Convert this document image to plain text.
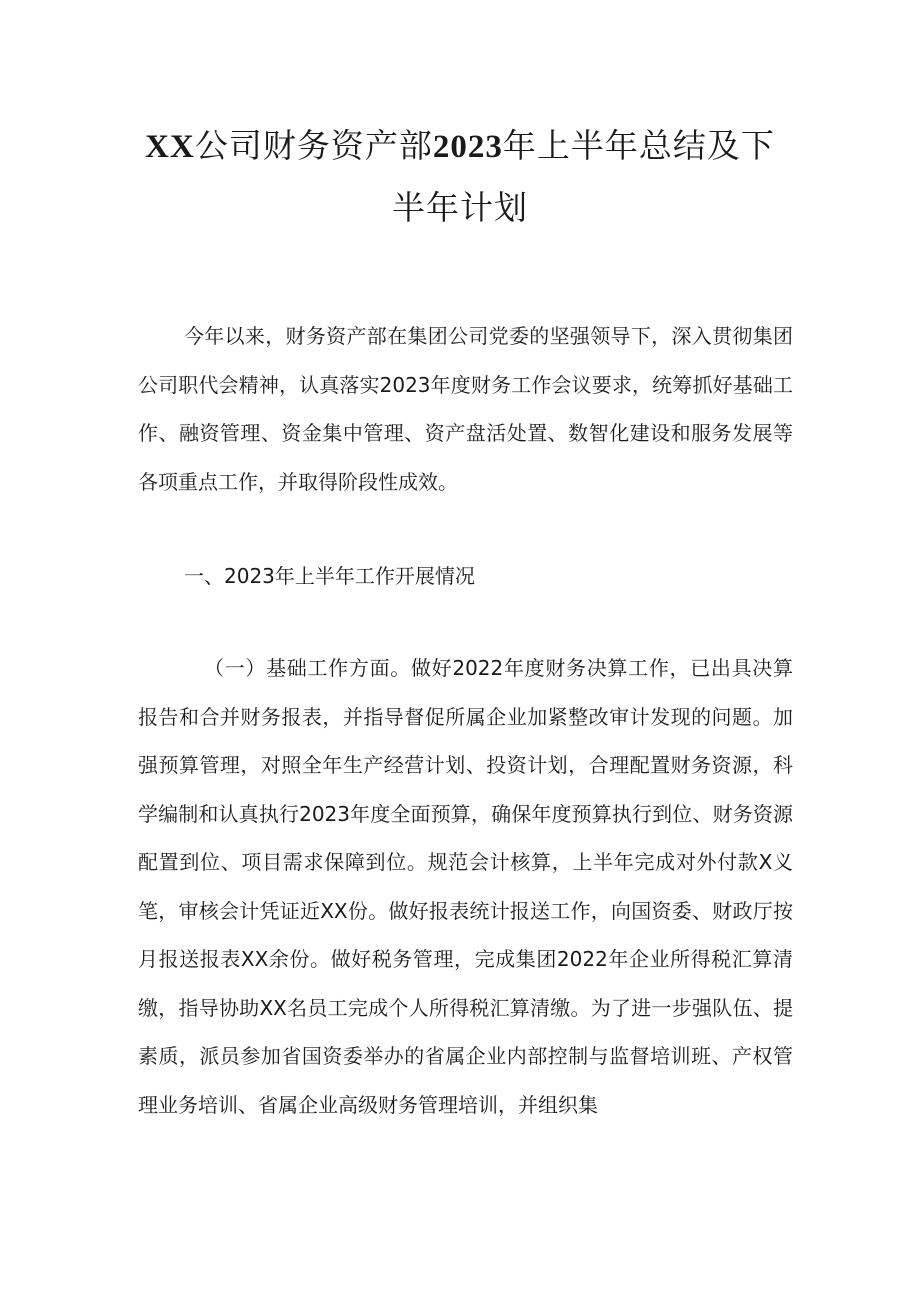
XX公司财务资产部2023年上半年总结及下
半年计划

今年以来，财务资产部在集团公司党委的坚强领导下，深入贯彻集团公司职代会精神，认真落实2023年度财务工作会议要求，统筹抓好基础工作、融资管理、资金集中管理、资产盘活处置、数智化建设和服务发展等各项重点工作，并取得阶段性成效。

一、2023年上半年工作开展情况

（一）基础工作方面。做好2022年度财务决算工作，已出具决算报告和合并财务报表，并指导督促所属企业加紧整改审计发现的问题。加强预算管理，对照全年生产经营计划、投资计划，合理配置财务资源，科学编制和认真执行2023年度全面预算，确保年度预算执行到位、财务资源配置到位、项目需求保障到位。规范会计核算，上半年完成对外付款X义笔，审核会计凭证近XX份。做好报表统计报送工作，向国资委、财政厅按月报送报表XX余份。做好税务管理，完成集团2022年企业所得税汇算清缴，指导协助XX名员工完成个人所得税汇算清缴。为了进一步强队伍、提素质，派员参加省国资委举办的省属企业内部控制与监督培训班、产权管理业务培训、省属企业高级财务管理培训，并组织集
